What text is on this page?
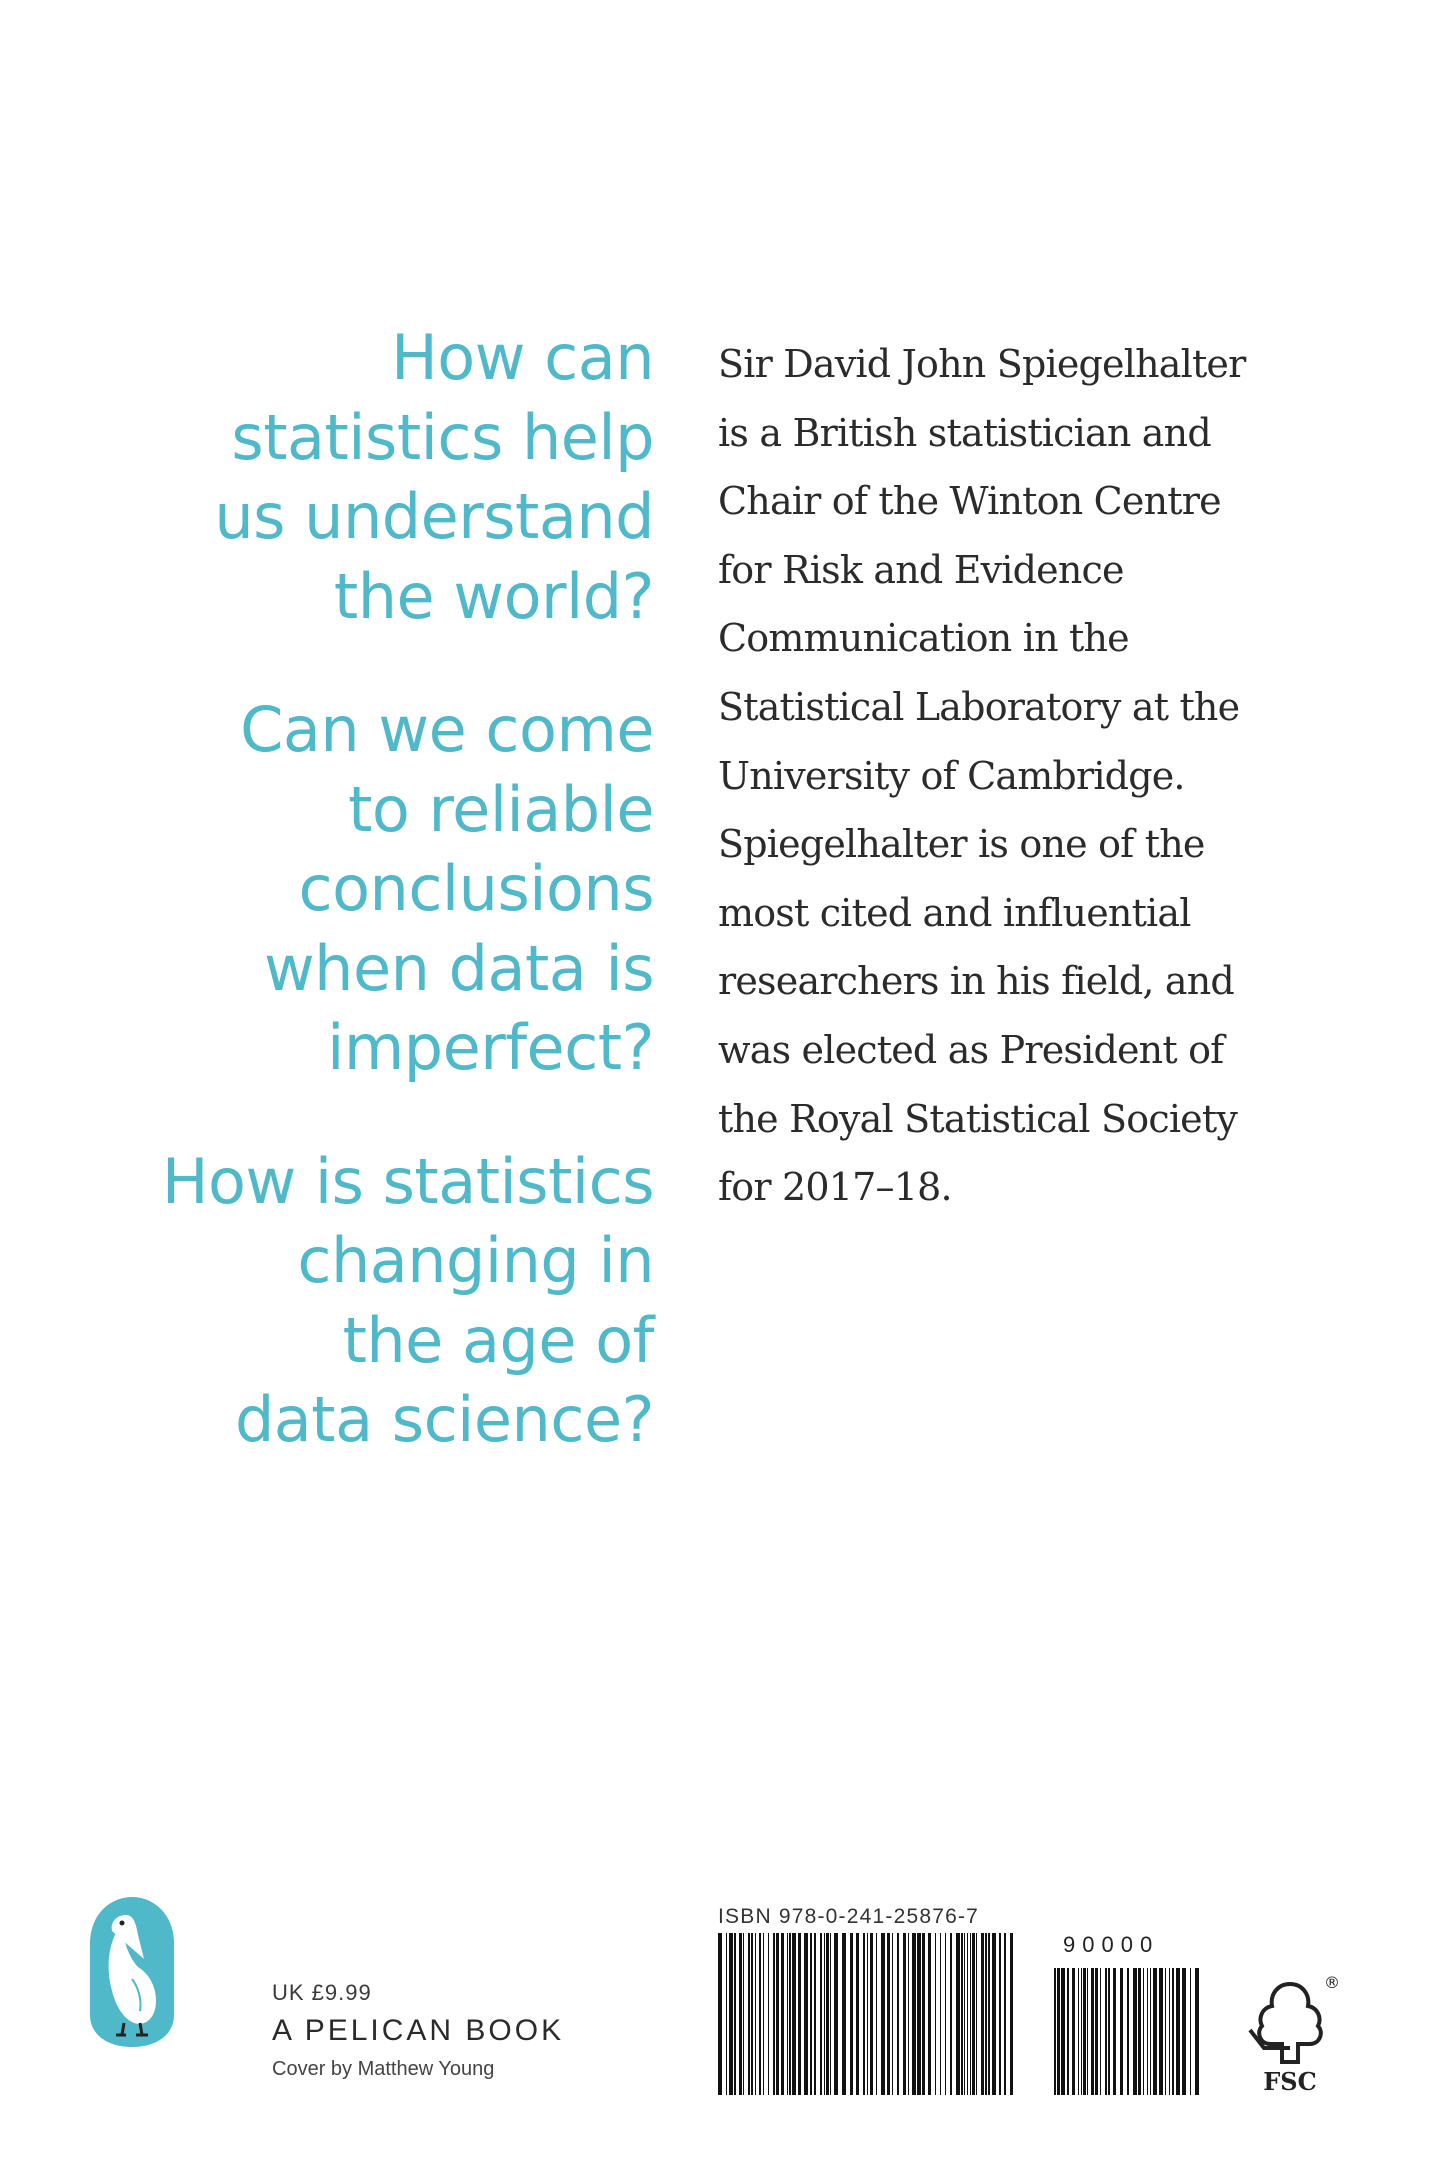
How can
statistics help
us understand
the world?
Can we come
to reliable
conclusions
when data is
imperfect?
How is statistics
changing in
the age of
data science?
Sir David John Spiegelhalter
is a British statistician and
Chair of the Winton Centre
for Risk and Evidence
Communication in the
Statistical Laboratory at the
University of Cambridge.
Spiegelhalter is one of the
most cited and influential
researchers in his field, and
was elected as President of
the Royal Statistical Society
for 2017–18.
UK £9.99
A PELICAN BOOK
Cover by Matthew Young
ISBN 978-0-241-25876-7
90000
®
FSC
